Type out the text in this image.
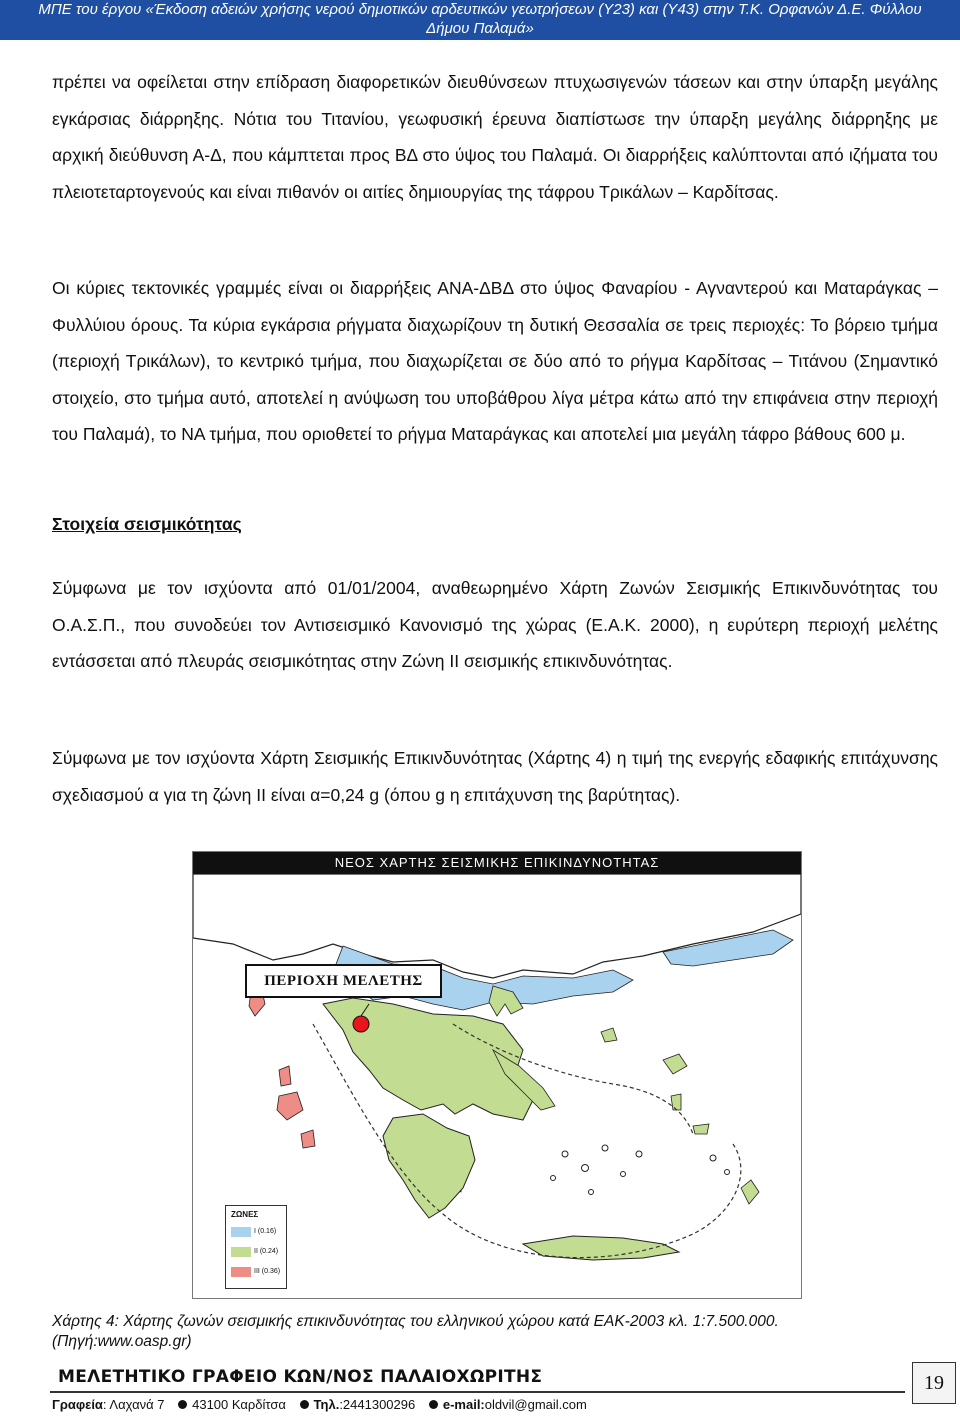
ΜΠΕ του έργου «Έκδοση αδειών χρήσης νερού δημοτικών αρδευτικών γεωτρήσεων (Υ23) και (Υ43) στην Τ.Κ. Ορφανών Δ.Ε. Φύλλου
Δήμου Παλαμά»

πρέπει να οφείλεται στην επίδραση διαφορετικών διευθύνσεων πτυχωσιγενών τάσεων και στην ύπαρξη μεγάλης εγκάρσιας διάρρηξης. Νότια του Τιτανίου, γεωφυσική έρευνα διαπίστωσε την ύπαρξη μεγάλης διάρρηξης με αρχική διεύθυνση Α-Δ, που κάμπτεται προς ΒΔ στο ύψος του Παλαμά. Οι διαρρήξεις καλύπτονται από ιζήματα του πλειοτεταρτογενούς και είναι πιθανόν οι αιτίες δημιουργίας της τάφρου Τρικάλων – Καρδίτσας.

Οι κύριες τεκτονικές γραμμές είναι οι διαρρήξεις ΑΝΑ-ΔΒΔ στο ύψος Φαναρίου - Αγναντερού και Ματαράγκας – Φυλλύιου όρους. Τα κύρια εγκάρσια ρήγματα διαχωρίζουν τη δυτική Θεσσαλία σε τρεις περιοχές: Το βόρειο τμήμα (περιοχή Τρικάλων), το κεντρικό τμήμα, που διαχωρίζεται σε δύο από το ρήγμα Καρδίτσας – Τιτάνου (Σημαντικό στοιχείο, στο τμήμα αυτό, αποτελεί η ανύψωση του υποβάθρου λίγα μέτρα κάτω από την επιφάνεια στην περιοχή του Παλαμά), το ΝΑ τμήμα, που οριοθετεί το ρήγμα Ματαράγκας και αποτελεί μια μεγάλη τάφρο βάθους 600 μ.

Στοιχεία σεισμικότητας

Σύμφωνα με τον ισχύοντα από 01/01/2004, αναθεωρημένο Χάρτη Ζωνών Σεισμικής Επικινδυνότητας του Ο.Α.Σ.Π., που συνοδεύει τον Αντισεισμικό Κανονισμό της χώρας (Ε.Α.Κ. 2000), η ευρύτερη περιοχή μελέτης εντάσσεται από πλευράς σεισμικότητας στην Ζώνη ΙΙ σεισμικής επικινδυνότητας.

Σύμφωνα με τον ισχύοντα Χάρτη Σεισμικής Επικινδυνότητας (Χάρτης 4) η τιμή της ενεργής εδαφικής επιτάχυνσης σχεδιασμού α για τη ζώνη ΙΙ είναι α=0,24 g (όπου g η επιτάχυνση της βαρύτητας).

ΝΕΟΣ ΧΑΡΤΗΣ ΣΕΙΣΜΙΚΗΣ ΕΠΙΚΙΝΔΥΝΟΤΗΤΑΣ
ΠΕΡΙΟΧΗ ΜΕΛΕΤΗΣ
ΖΩΝΕΣ
I (0.16)
II (0.24)
III (0.36)
Χάρτης 4: Χάρτης ζωνών σεισμικής επικινδυνότητας του ελληνικού χώρου κατά ΕΑΚ-2003 κλ. 1:7.500.000.
(Πηγή:www.oasp.gr)
ΜΕΛΕΤΗΤΙΚΟ ΓΡΑΦΕΙΟ ΚΩΝ/ΝΟΣ ΠΑΛΑΙΟΧΩΡΙΤΗΣ
Γραφεία: Λαχανά 7 43100 Καρδίτσα Τηλ.:2441300296 e-mail:oldvil@gmail.com
19
